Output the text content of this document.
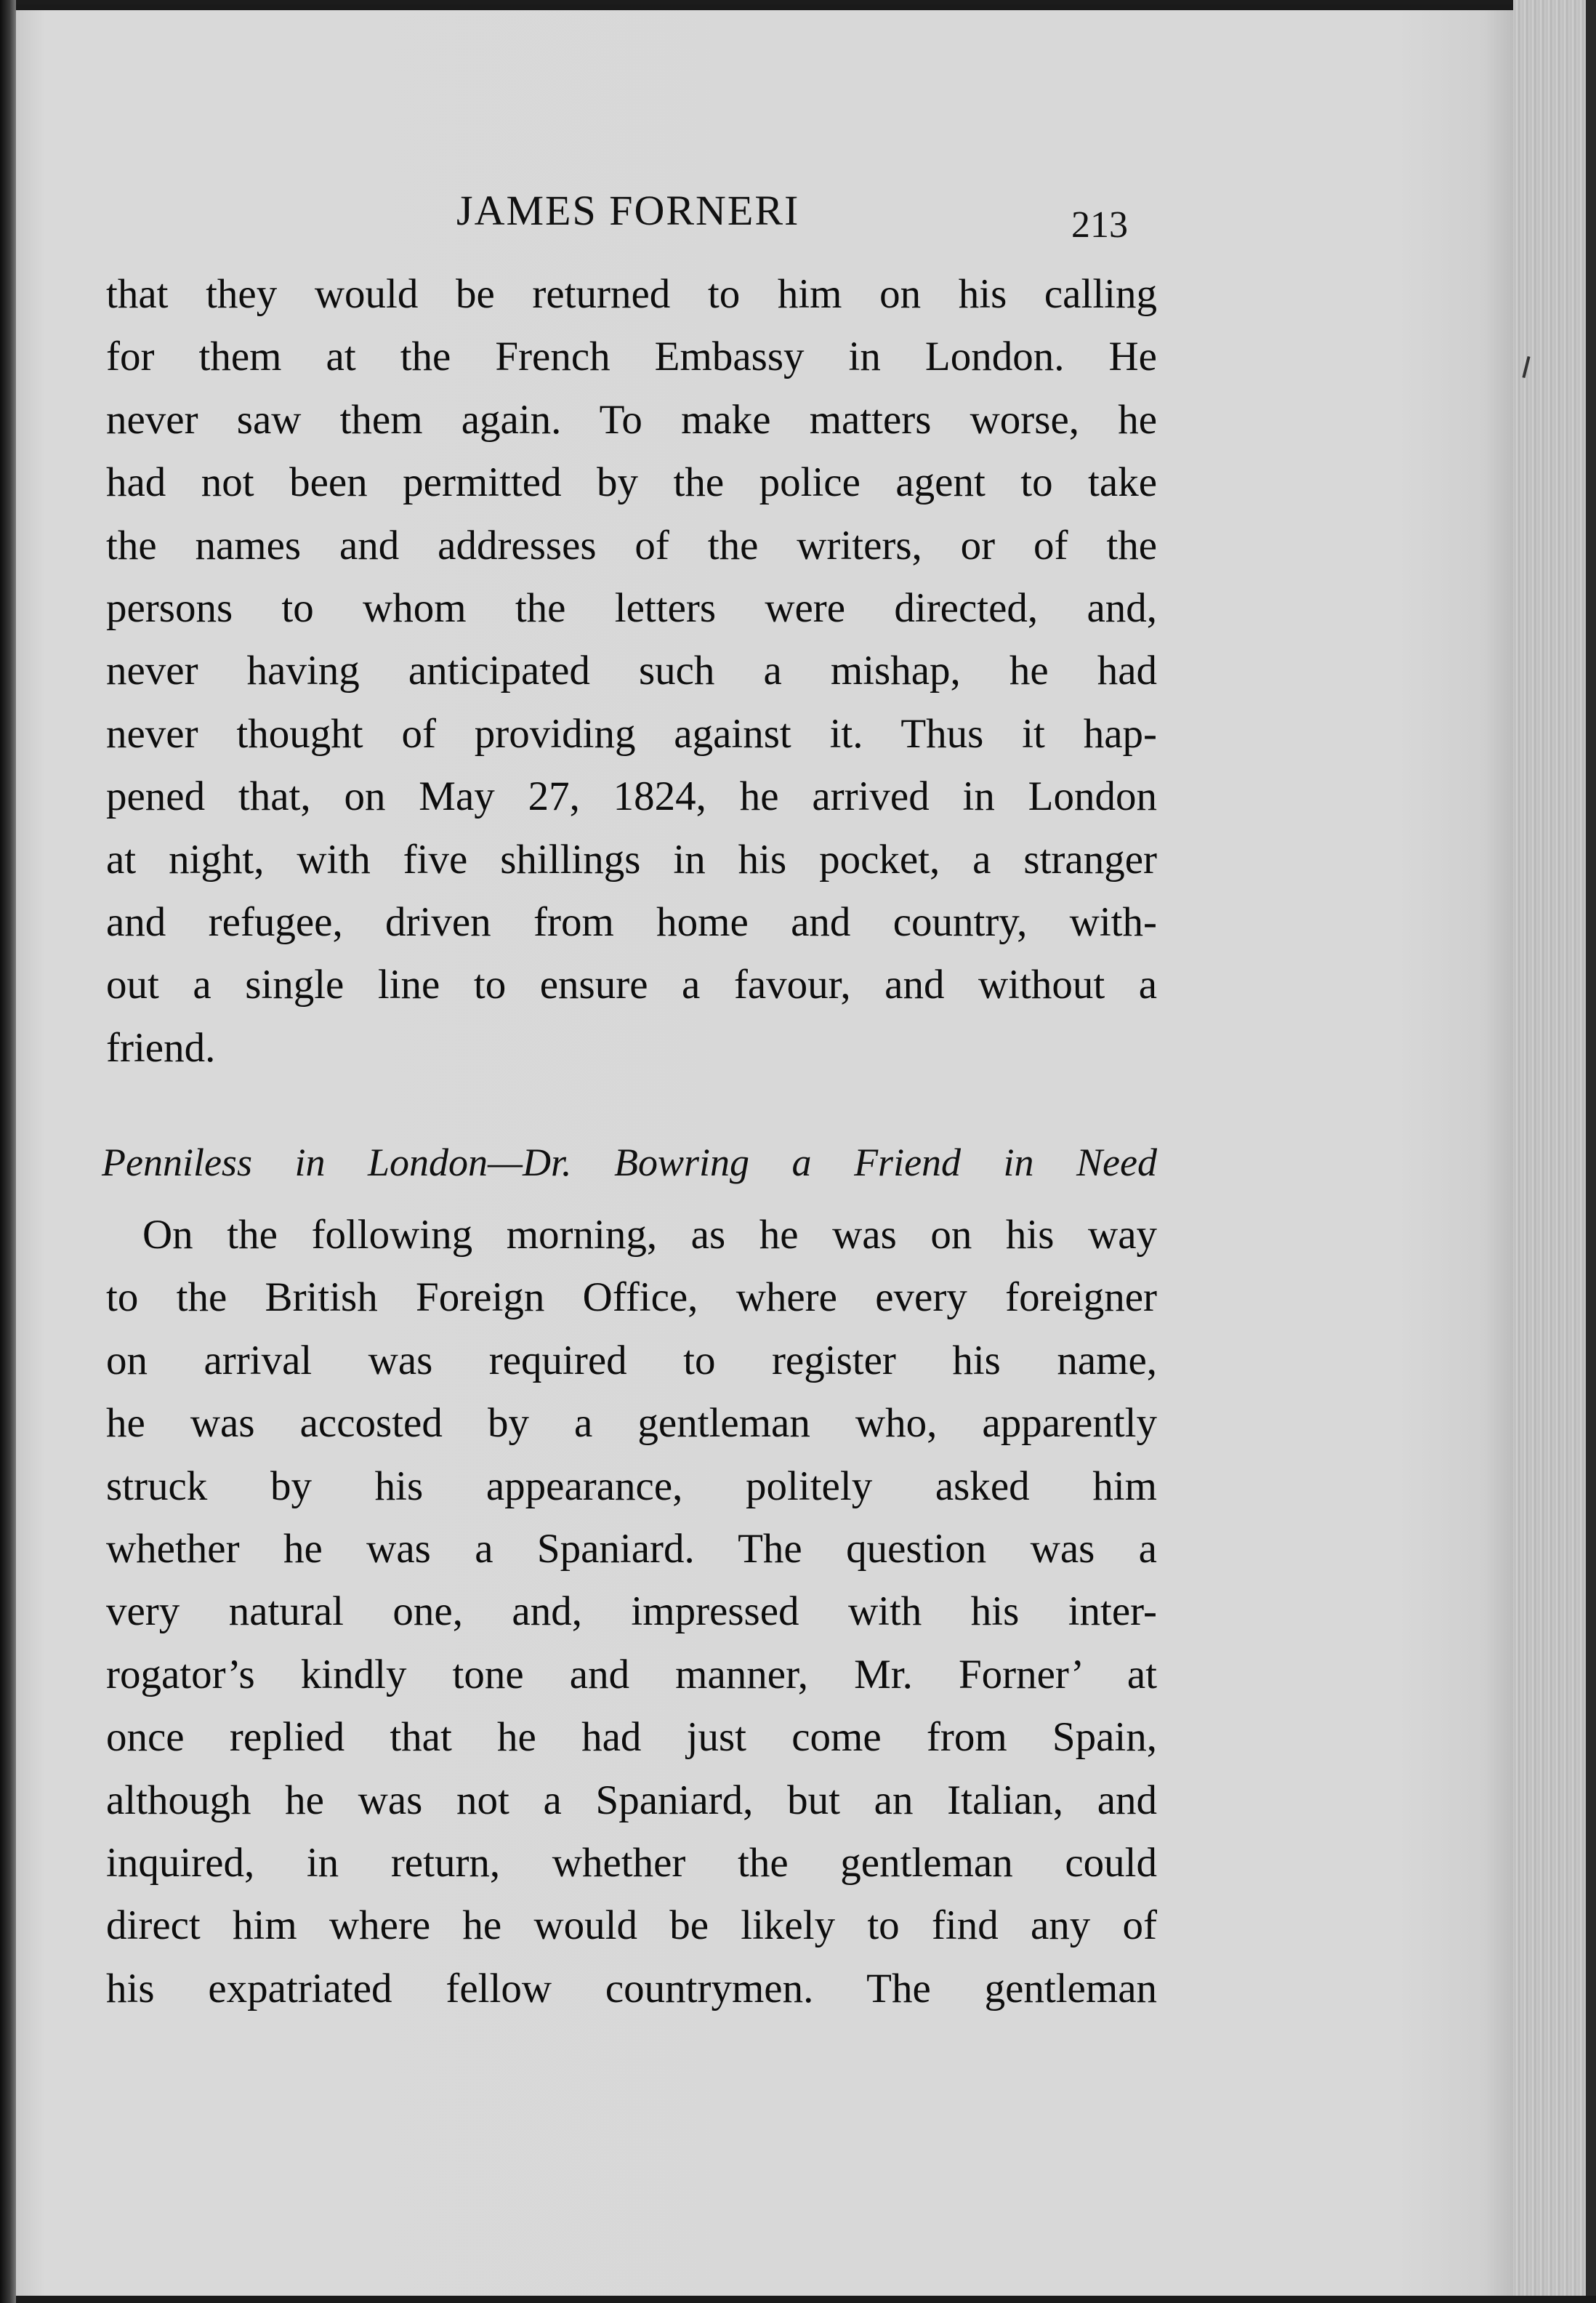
JAMES FORNERI	213
that they would be returned to him on his calling
for them at the French Embassy in London. He
never saw them again. To make matters worse, he
had not been permitted by the police agent to take
the names and addresses of the writers, or of the
persons to whom the letters were directed, and,
never having anticipated such a mishap, he had
never thought of providing against it. Thus it hap-
pened that, on May 27, 1824, he arrived in London
at night, with five shillings in his pocket, a stranger
and refugee, driven from home and country, with-
out a single line to ensure a favour, and without a
friend.
Penniless in London—Dr. Bowring a Friend in Need
On the following morning, as he was on his way
to the British Foreign Office, where every foreigner
on arrival was required to register his name,
he was accosted by a gentleman who, apparently
struck by his appearance, politely asked him
whether he was a Spaniard. The question was a
very natural one, and, impressed with his inter-
rogator’s kindly tone and manner, Mr. Forner’ at
once replied that he had just come from Spain,
although he was not a Spaniard, but an Italian, and
inquired, in return, whether the gentleman could
direct him where he would be likely to find any of
his expatriated fellow countrymen. The gentleman
